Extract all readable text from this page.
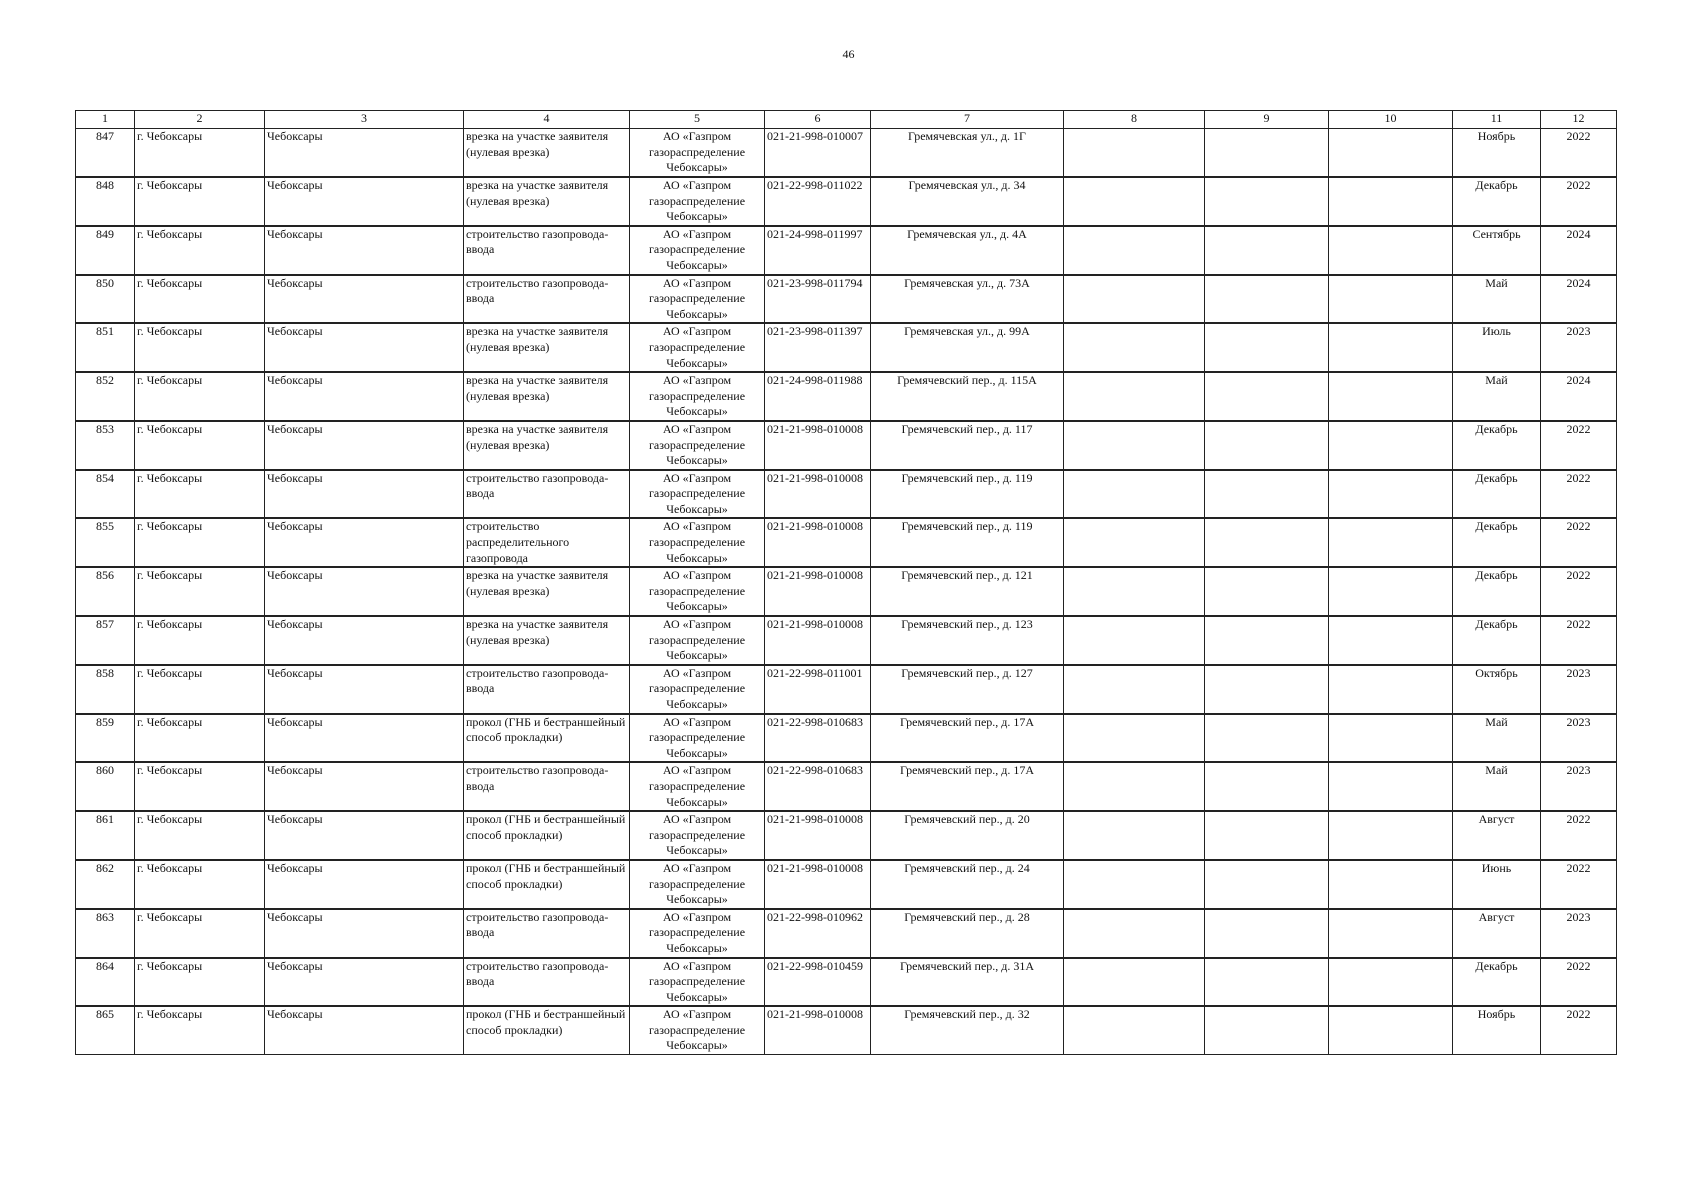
46
1	2	3	4	5	6	7	8	9	10	11	12
847	г. Чебоксары	Чебоксары	врезка на участке заявителя (нулевая врезка)	АО «Газпром газораспределение Чебоксары»	021-21-998-010007	Гремячевская ул., д. 1Г				Ноябрь	2022
848	г. Чебоксары	Чебоксары	врезка на участке заявителя (нулевая врезка)	АО «Газпром газораспределение Чебоксары»	021-22-998-011022	Гремячевская ул., д. 34				Декабрь	2022
849	г. Чебоксары	Чебоксары	строительство газопровода-ввода	АО «Газпром газораспределение Чебоксары»	021-24-998-011997	Гремячевская ул., д. 4А				Сентябрь	2024
850	г. Чебоксары	Чебоксары	строительство газопровода-ввода	АО «Газпром газораспределение Чебоксары»	021-23-998-011794	Гремячевская ул., д. 73А				Май	2024
851	г. Чебоксары	Чебоксары	врезка на участке заявителя (нулевая врезка)	АО «Газпром газораспределение Чебоксары»	021-23-998-011397	Гремячевская ул., д. 99А				Июль	2023
852	г. Чебоксары	Чебоксары	врезка на участке заявителя (нулевая врезка)	АО «Газпром газораспределение Чебоксары»	021-24-998-011988	Гремячевский пер., д. 115А				Май	2024
853	г. Чебоксары	Чебоксары	врезка на участке заявителя (нулевая врезка)	АО «Газпром газораспределение Чебоксары»	021-21-998-010008	Гремячевский пер., д. 117				Декабрь	2022
854	г. Чебоксары	Чебоксары	строительство газопровода-ввода	АО «Газпром газораспределение Чебоксары»	021-21-998-010008	Гремячевский пер., д. 119				Декабрь	2022
855	г. Чебоксары	Чебоксары	строительство распределительного газопровода	АО «Газпром газораспределение Чебоксары»	021-21-998-010008	Гремячевский пер., д. 119				Декабрь	2022
856	г. Чебоксары	Чебоксары	врезка на участке заявителя (нулевая врезка)	АО «Газпром газораспределение Чебоксары»	021-21-998-010008	Гремячевский пер., д. 121				Декабрь	2022
857	г. Чебоксары	Чебоксары	врезка на участке заявителя (нулевая врезка)	АО «Газпром газораспределение Чебоксары»	021-21-998-010008	Гремячевский пер., д. 123				Декабрь	2022
858	г. Чебоксары	Чебоксары	строительство газопровода-ввода	АО «Газпром газораспределение Чебоксары»	021-22-998-011001	Гремячевский пер., д. 127				Октябрь	2023
859	г. Чебоксары	Чебоксары	прокол (ГНБ и бестраншейный способ прокладки)	АО «Газпром газораспределение Чебоксары»	021-22-998-010683	Гремячевский пер., д. 17А				Май	2023
860	г. Чебоксары	Чебоксары	строительство газопровода-ввода	АО «Газпром газораспределение Чебоксары»	021-22-998-010683	Гремячевский пер., д. 17А				Май	2023
861	г. Чебоксары	Чебоксары	прокол (ГНБ и бестраншейный способ прокладки)	АО «Газпром газораспределение Чебоксары»	021-21-998-010008	Гремячевский пер., д. 20				Август	2022
862	г. Чебоксары	Чебоксары	прокол (ГНБ и бестраншейный способ прокладки)	АО «Газпром газораспределение Чебоксары»	021-21-998-010008	Гремячевский пер., д. 24				Июнь	2022
863	г. Чебоксары	Чебоксары	строительство газопровода-ввода	АО «Газпром газораспределение Чебоксары»	021-22-998-010962	Гремячевский пер., д. 28				Август	2023
864	г. Чебоксары	Чебоксары	строительство газопровода-ввода	АО «Газпром газораспределение Чебоксары»	021-22-998-010459	Гремячевский пер., д. 31А				Декабрь	2022
865	г. Чебоксары	Чебоксары	прокол (ГНБ и бестраншейный способ прокладки)	АО «Газпром газораспределение Чебоксары»	021-21-998-010008	Гремячевский пер., д. 32				Ноябрь	2022
